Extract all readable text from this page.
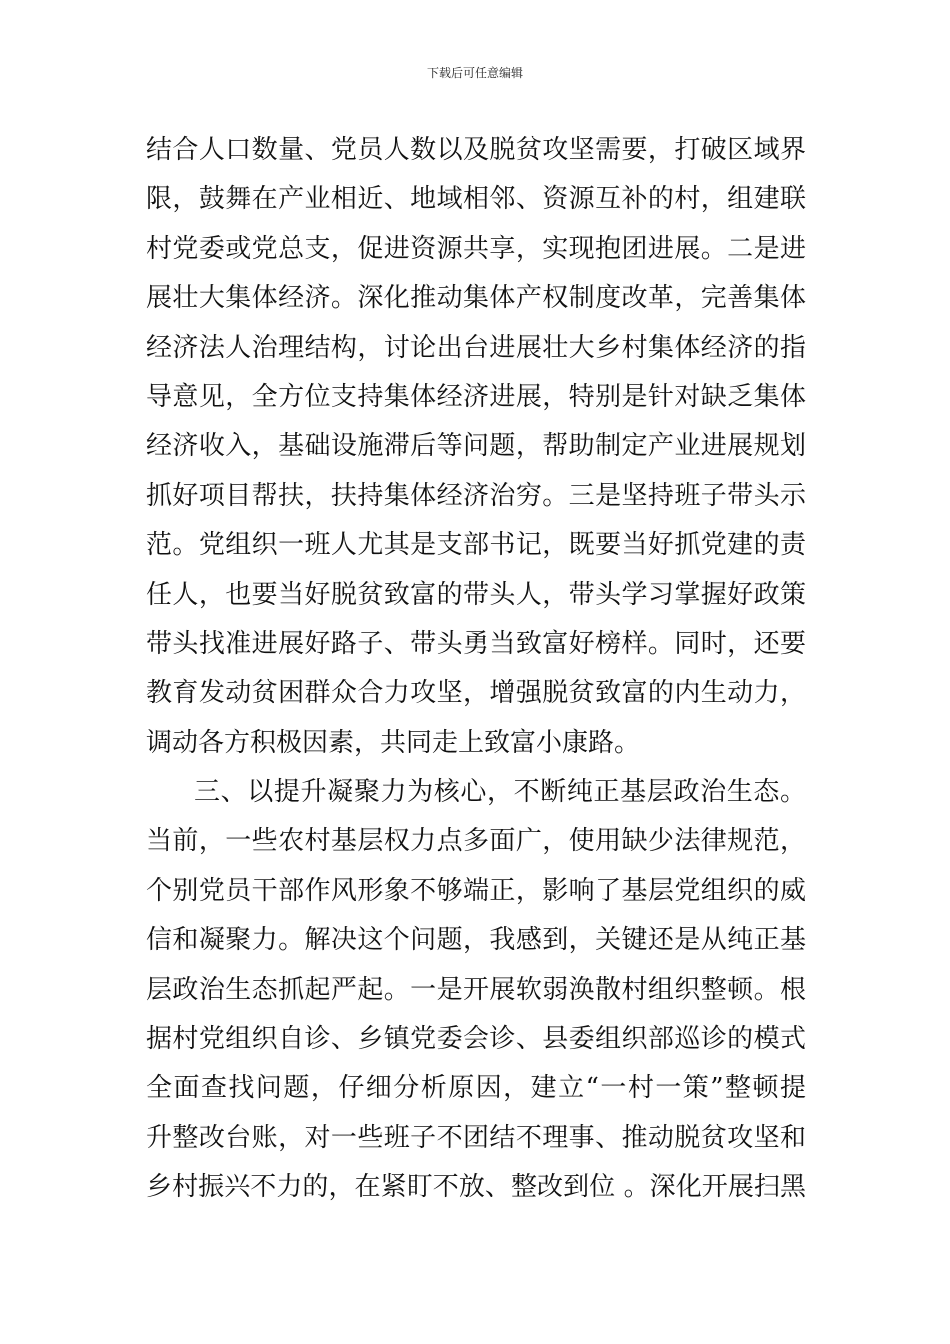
下载后可任意编辑
结合人口数量、党员人数以及脱贫攻坚需要，打破区域界
限，鼓舞在产业相近、地域相邻、资源互补的村，组建联
村党委或党总支，促进资源共享，实现抱团进展。二是进
展壮大集体经济。深化推动集体产权制度改革，完善集体
经济法人治理结构，讨论出台进展壮大乡村集体经济的指
导意见，全方位支持集体经济进展，特别是针对缺乏集体
经济收入，基础设施滞后等问题，帮助制定产业进展规划
抓好项目帮扶，扶持集体经济治穷。三是坚持班子带头示
范。党组织一班人尤其是支部书记，既要当好抓党建的责
任人，也要当好脱贫致富的带头人，带头学习掌握好政策
带头找准进展好路子、带头勇当致富好榜样。同时，还要
教育发动贫困群众合力攻坚，增强脱贫致富的内生动力，
调动各方积极因素，共同走上致富小康路。
三、以提升凝聚力为核心，不断纯正基层政治生态。
当前，一些农村基层权力点多面广，使用缺少法律规范，
个别党员干部作风形象不够端正，影响了基层党组织的威
信和凝聚力。解决这个问题，我感到，关键还是从纯正基
层政治生态抓起严起。一是开展软弱涣散村组织整顿。根
据村党组织自诊、乡镇党委会诊、县委组织部巡诊的模式
全面查找问题，仔细分析原因，建立“一村一策”整顿提
升整改台账，对一些班子不团结不理事、推动脱贫攻坚和
乡村振兴不力的，在紧盯不放、整改到位 。深化开展扫黑
